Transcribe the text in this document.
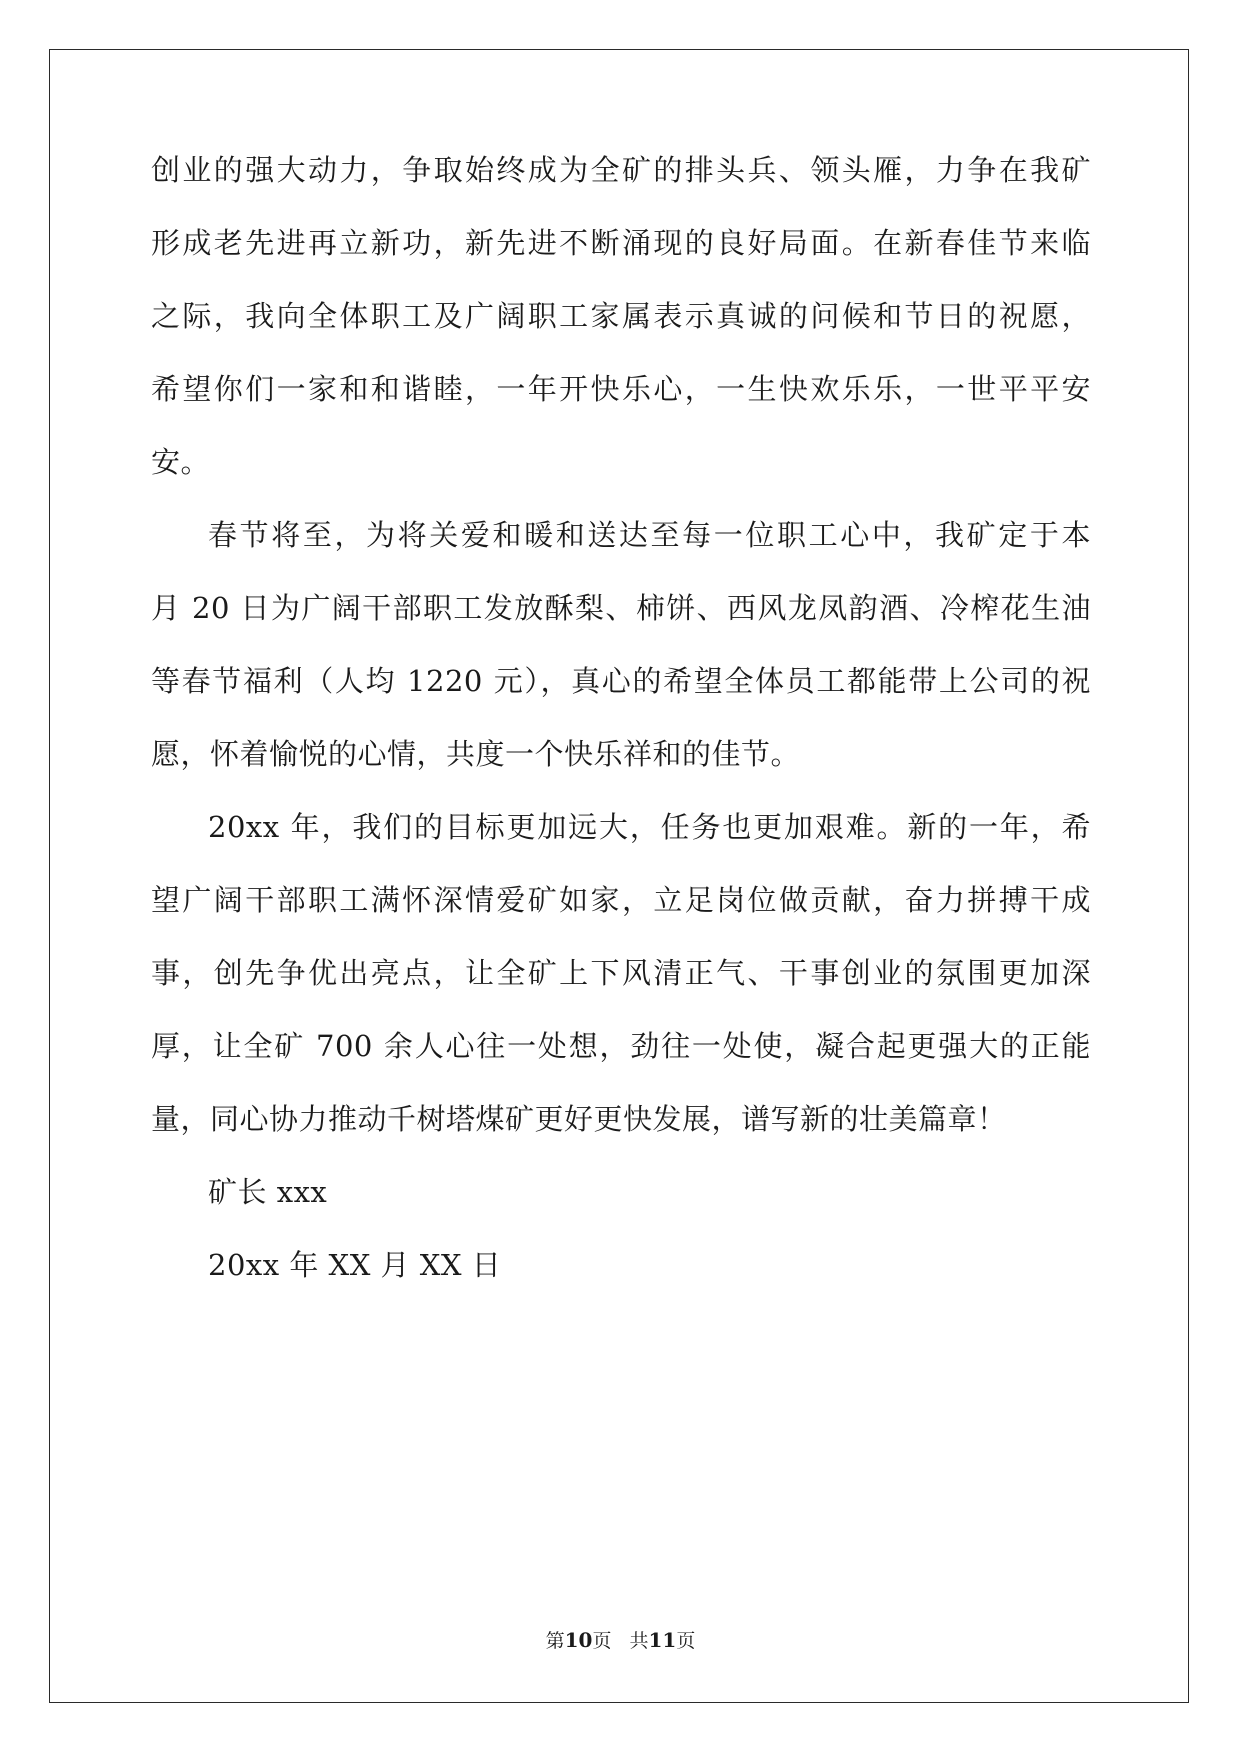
创业的强大动力，争取始终成为全矿的排头兵、领头雁，力争在我矿
形成老先进再立新功，新先进不断涌现的良好局面。在新春佳节来临
之际，我向全体职工及广阔职工家属表示真诚的问候和节日的祝愿，
希望你们一家和和谐睦，一年开快乐心，一生快欢乐乐，一世平平安
安。
春节将至，为将关爱和暖和送达至每一位职工心中，我矿定于本
月 20 日为广阔干部职工发放酥梨、柿饼、西风龙凤韵酒、冷榨花生油
等春节福利（人均 1220 元），真心的希望全体员工都能带上公司的祝
愿，怀着愉悦的心情，共度一个快乐祥和的佳节。
20xx 年，我们的目标更加远大，任务也更加艰难。新的一年，希
望广阔干部职工满怀深情爱矿如家，立足岗位做贡献，奋力拼搏干成
事，创先争优出亮点，让全矿上下风清正气、干事创业的氛围更加深
厚，让全矿 700 余人心往一处想，劲往一处使，凝合起更强大的正能
量，同心协力推动千树塔煤矿更好更快发展，谱写新的壮美篇章！
矿长 xxx
20xx 年 XX 月 XX 日
第10页 共11页
